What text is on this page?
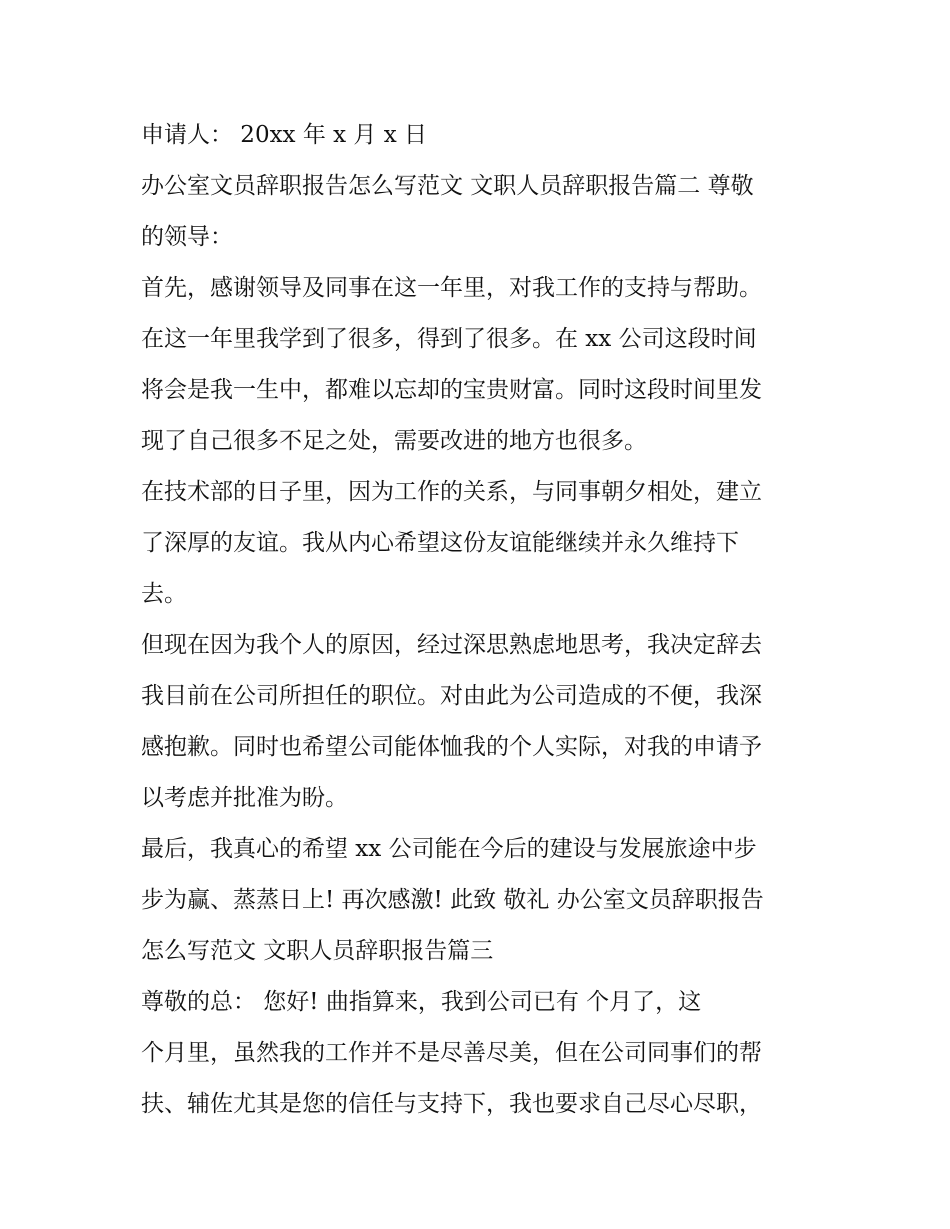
申请人： 20xx 年 x 月 x 日
办公室文员辞职报告怎么写范文 文职人员辞职报告篇二 尊敬
的领导：
首先，感谢领导及同事在这一年里，对我工作的支持与帮助。
在这一年里我学到了很多，得到了很多。在 xx 公司这段时间
将会是我一生中，都难以忘却的宝贵财富。同时这段时间里发
现了自己很多不足之处，需要改进的地方也很多。
在技术部的日子里，因为工作的关系，与同事朝夕相处，建立
了深厚的友谊。我从内心希望这份友谊能继续并永久维持下
去。
但现在因为我个人的原因，经过深思熟虑地思考，我决定辞去
我目前在公司所担任的职位。对由此为公司造成的不便，我深
感抱歉。同时也希望公司能体恤我的个人实际，对我的申请予
以考虑并批准为盼。
最后，我真心的希望 xx 公司能在今后的建设与发展旅途中步
步为赢、蒸蒸日上! 再次感激! 此致 敬礼 办公室文员辞职报告
怎么写范文 文职人员辞职报告篇三
尊敬的总： 您好! 曲指算来，我到公司已有 个月了，这
个月里，虽然我的工作并不是尽善尽美，但在公司同事们的帮
扶、辅佐尤其是您的信任与支持下，我也要求自己尽心尽职，
